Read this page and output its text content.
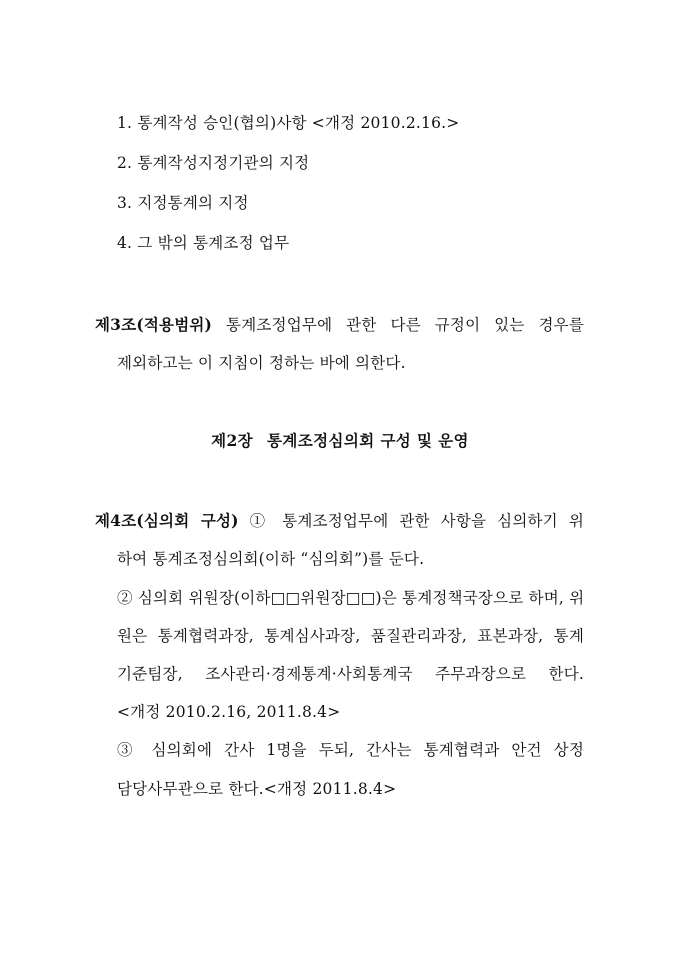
1. 통계작성 승인(협의)사항 <개정 2010.2.16.>
2. 통계작성지정기관의 지정
3. 지정통계의 지정
4. 그 밖의 통계조정 업무
제3조(적용범위) 통계조정업무에 관한 다른 규정이 있는 경우를
제외하고는 이 지침이 정하는 바에 의한다.
제2장 통계조정심의회 구성 및 운영
제4조(심의회 구성) ① 통계조정업무에 관한 사항을 심의하기 위
하여 통계조정심의회(이하 “심의회”)를 둔다.
② 심의회 위원장(이하□□위원장□□)은 통계정책국장으로 하며, 위
원은 통계협력과장, 통계심사과장, 품질관리과장, 표본과장, 통계
기준팀장, 조사관리·경제통계·사회통계국 주무과장으로 한다.
<개정 2010.2.16, 2011.8.4>
③ 심의회에 간사 1명을 두되, 간사는 통계협력과 안건 상정
담당사무관으로 한다.<개정 2011.8.4>
